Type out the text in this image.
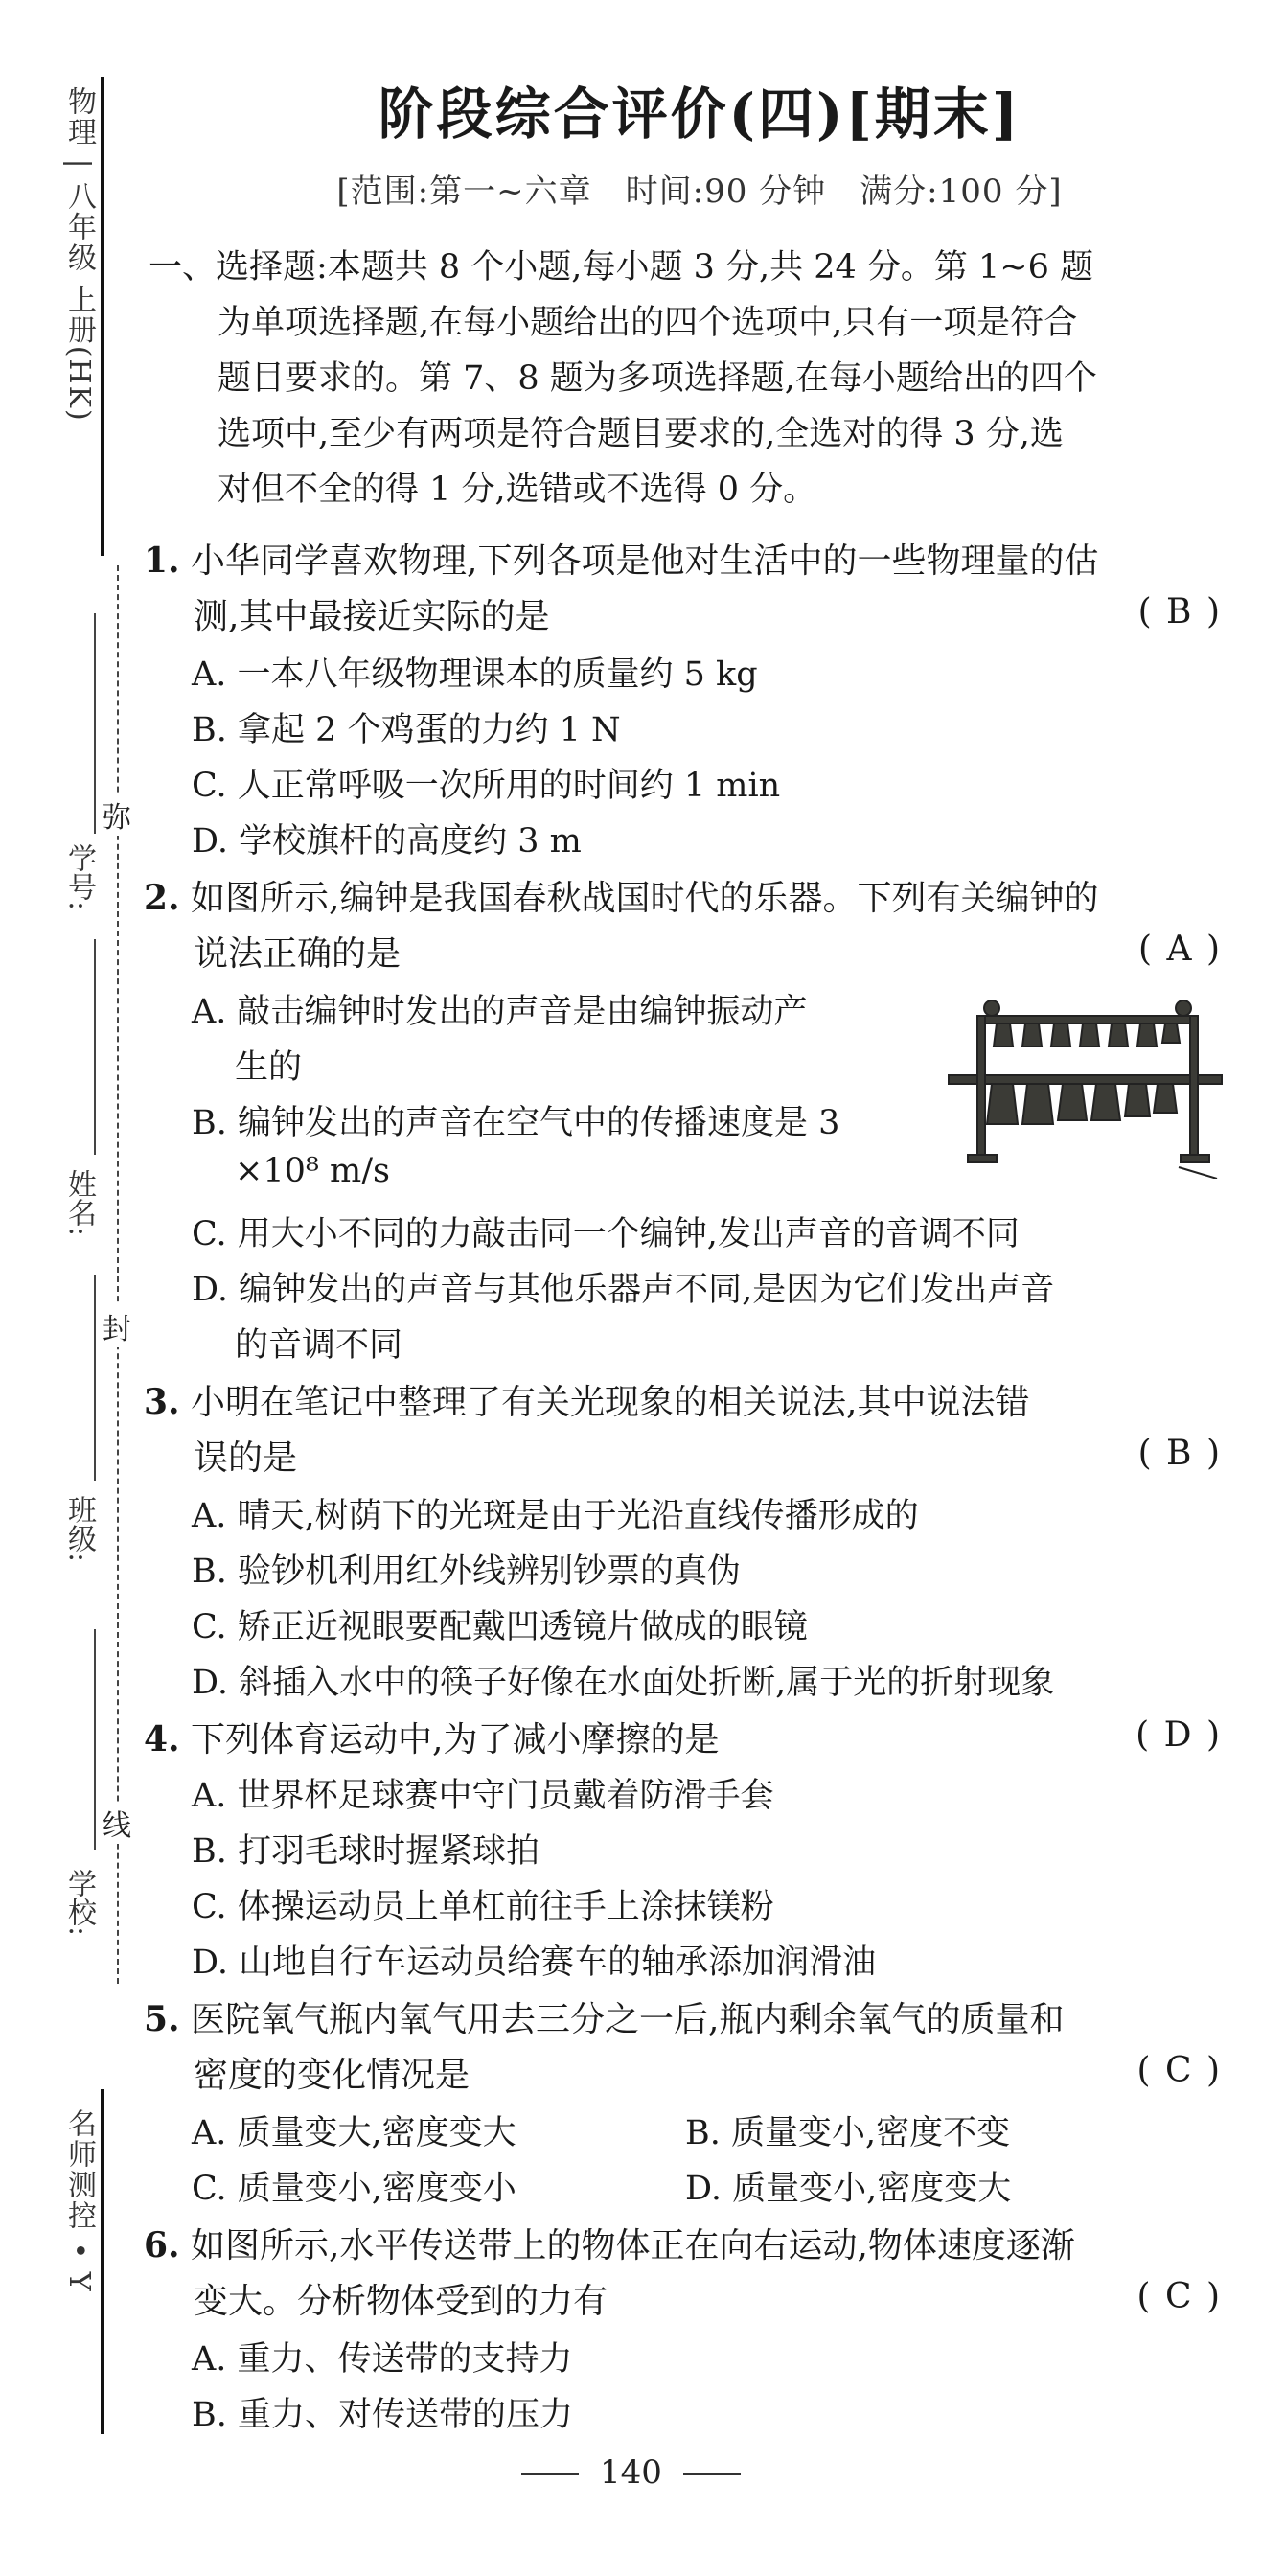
物理 | 八年级 上册(HK)
学号:
姓名:
班级:
学校:
弥
封
线
名师测控 • Y
阶段综合评价(四)[期末]
[范围:第一~六章　时间:90 分钟　满分:100 分]
一、选择题:本题共 8 个小题,每小题 3 分,共 24 分。第 1~6 题

为单项选择题,在每小题给出的四个选项中,只有一项是符合
题目要求的。第 7、8 题为多项选择题,在每小题给出的四个
选项中,至少有两项是符合题目要求的,全选对的得 3 分,选
对但不全的得 1 分,选错或不选得 0 分。
1. 小华同学喜欢物理,下列各项是他对生活中的一些物理量的估
测,其中最接近实际的是	( B )
A. 一本八年级物理课本的质量约 5 kg
B. 拿起 2 个鸡蛋的力约 1 N
C. 人正常呼吸一次所用的时间约 1 min
D. 学校旗杆的高度约 3 m
2. 如图所示,编钟是我国春秋战国时代的乐器。下列有关编钟的
说法正确的是	( A )
A. 敲击编钟时发出的声音是由编钟振动产
生的
B. 编钟发出的声音在空气中的传播速度是 3
×10⁸ m/s
C. 用大小不同的力敲击同一个编钟,发出声音的音调不同
D. 编钟发出的声音与其他乐器声不同,是因为它们发出声音
的音调不同
3. 小明在笔记中整理了有关光现象的相关说法,其中说法错
误的是	( B )
A. 晴天,树荫下的光斑是由于光沿直线传播形成的
B. 验钞机利用红外线辨别钞票的真伪
C. 矫正近视眼要配戴凹透镜片做成的眼镜
D. 斜插入水中的筷子好像在水面处折断,属于光的折射现象
4. 下列体育运动中,为了减小摩擦的是	( D )
A. 世界杯足球赛中守门员戴着防滑手套
B. 打羽毛球时握紧球拍
C. 体操运动员上单杠前往手上涂抹镁粉
D. 山地自行车运动员给赛车的轴承添加润滑油
5. 医院氧气瓶内氧气用去三分之一后,瓶内剩余氧气的质量和
密度的变化情况是	( C )
A. 质量变大,密度变大	B. 质量变小,密度不变
C. 质量变小,密度变小	D. 质量变小,密度变大
6. 如图所示,水平传送带上的物体正在向右运动,物体速度逐渐
变大。分析物体受到的力有	( C )
A. 重力、传送带的支持力
B. 重力、对传送带的压力
140
